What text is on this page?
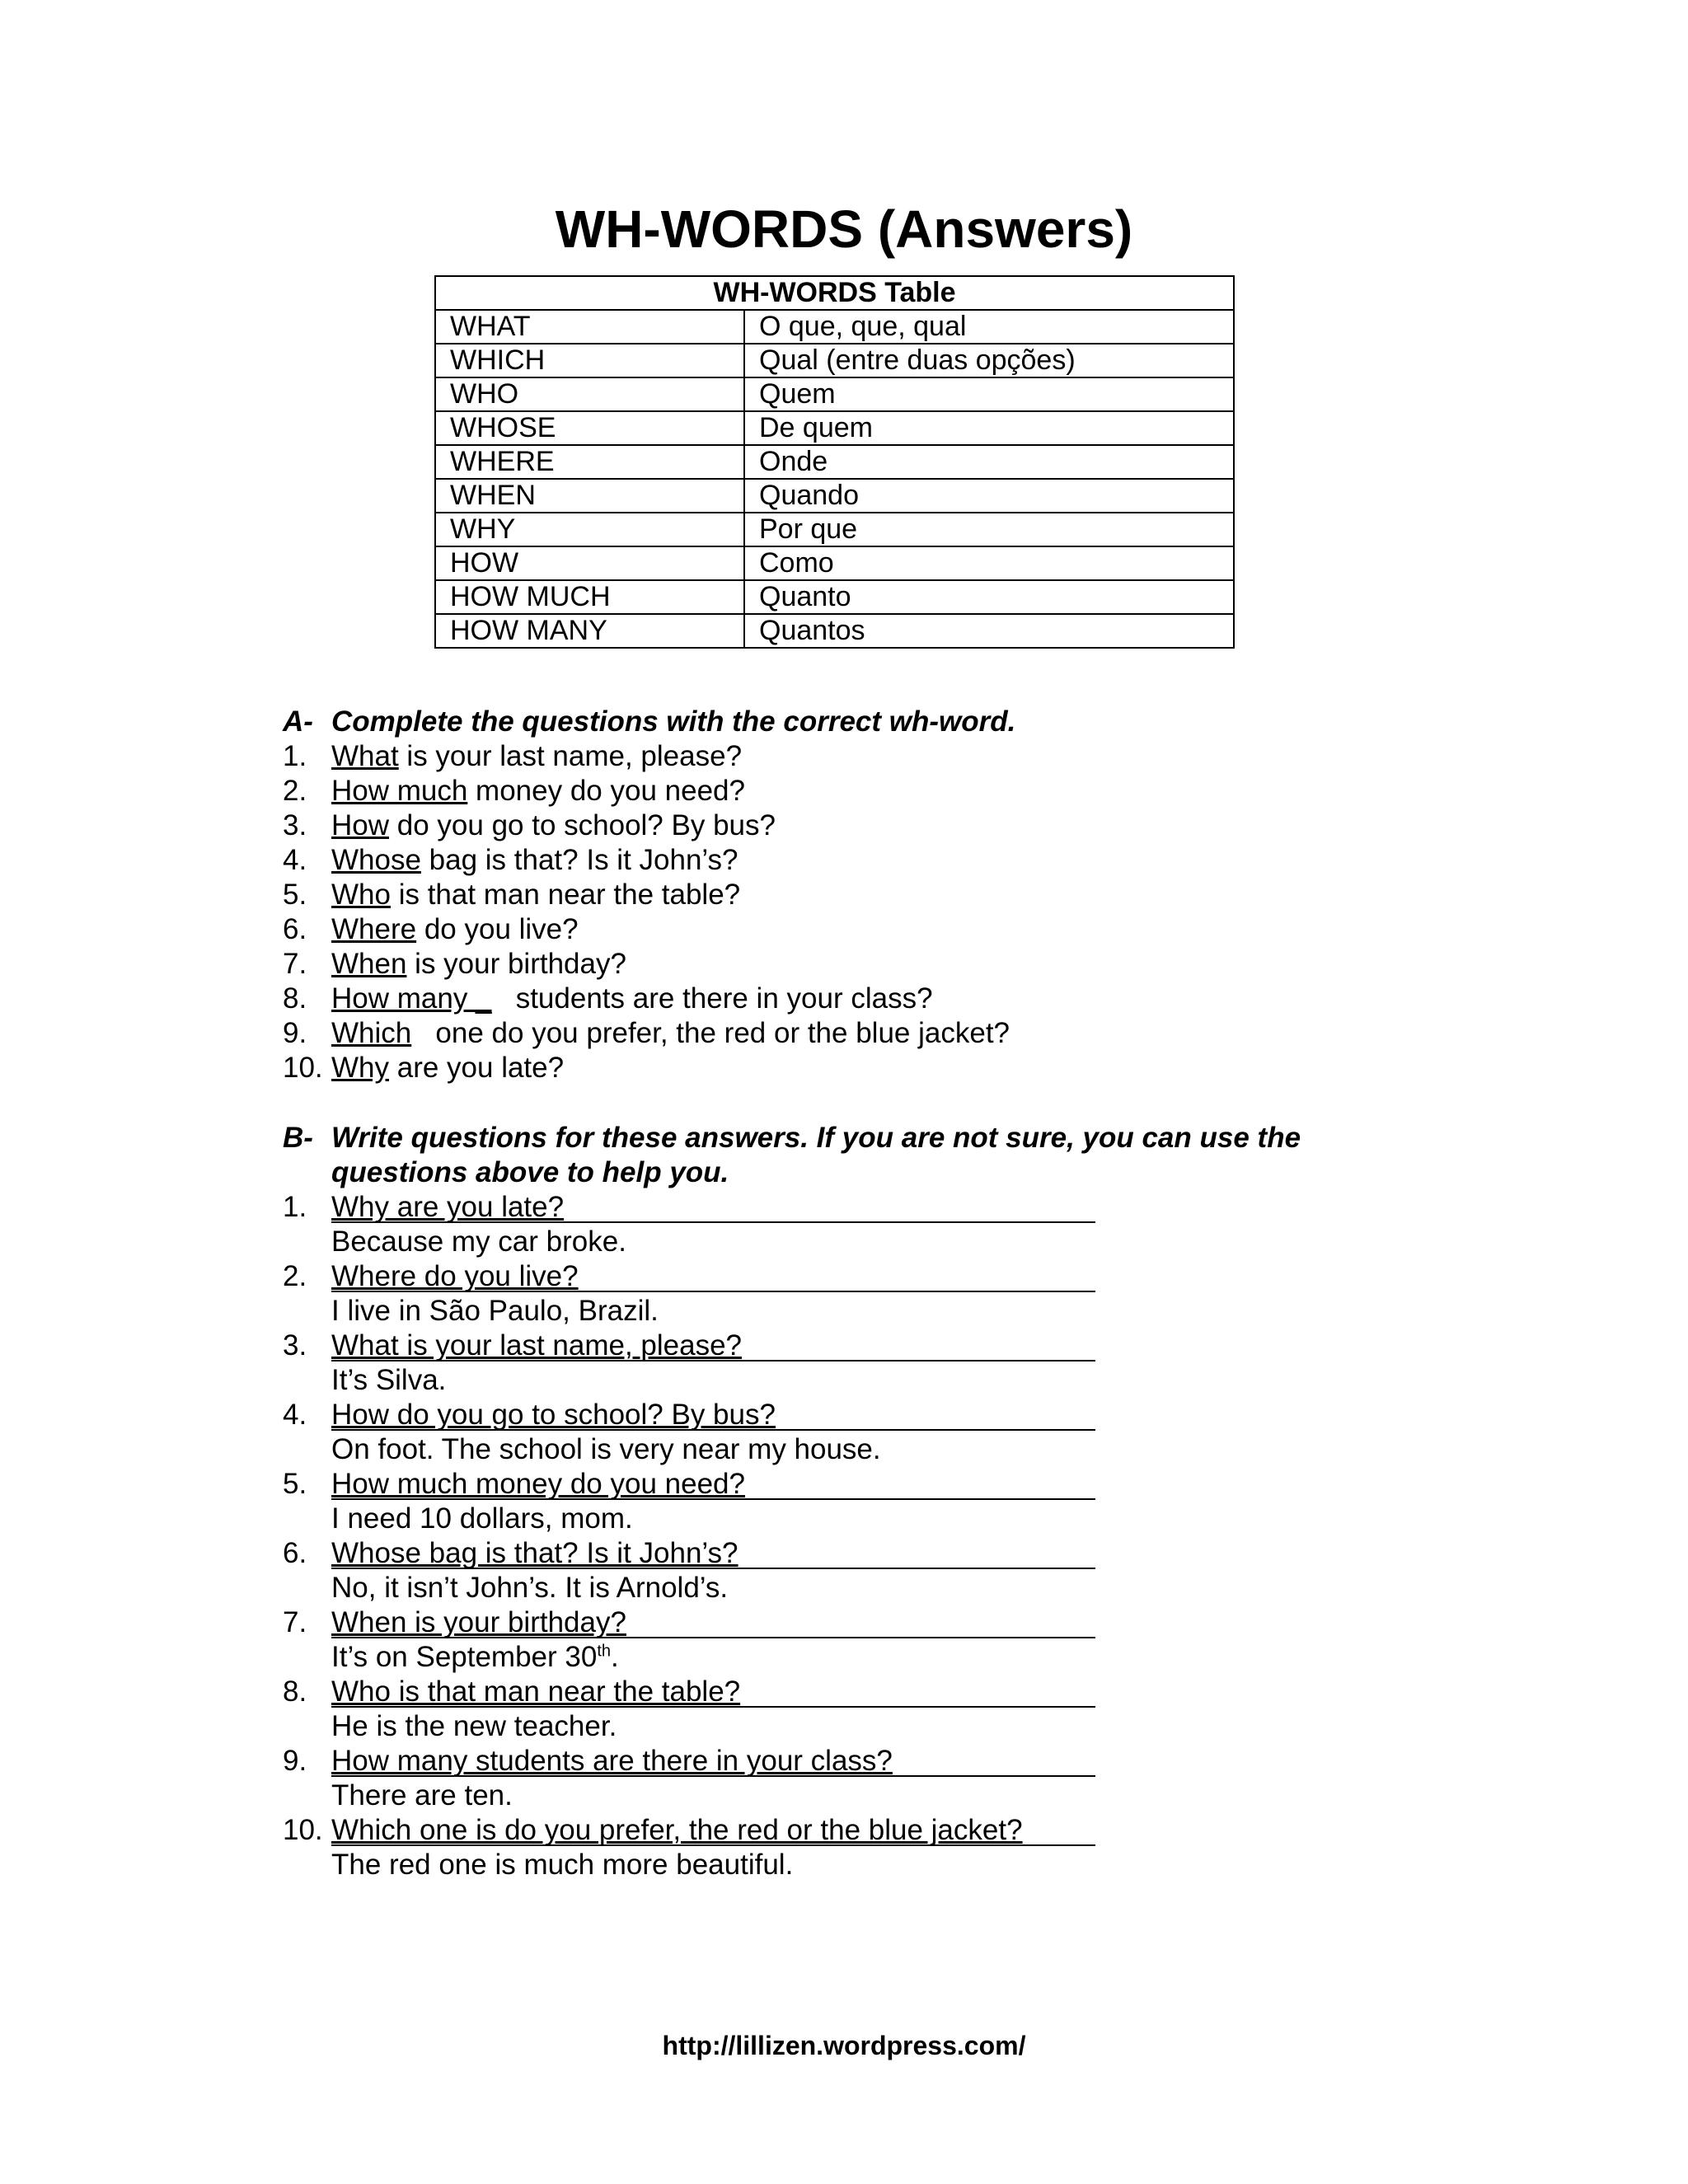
WH-WORDS (Answers)
WH-WORDS Table	
WHAT	O que, que, qual
WHICH	Qual (entre duas opções)
WHO	Quem
WHOSE	De quem
WHERE	Onde
WHEN	Quando
WHY	Por que
HOW	Como
HOW MUCH	Quanto
HOW MANY	Quantos
A- Complete the questions with the correct wh-word.
1. What is your last name, please?
2. How much money do you need?
3. How do you go to school? By bus?
4. Whose bag is that? Is it John’s?
5. Who is that man near the table?
6. Where do you live?
7. When is your birthday?
8. How many _ students are there in your class?
9. Which one do you prefer, the red or the blue jacket?
10. Why are you late?
B- Write questions for these answers. If you are not sure, you can use the
questions above to help you.
1. Why are you late?
Because my car broke.
2. Where do you live?
I live in São Paulo, Brazil.
3. What is your last name, please?
It’s Silva.
4. How do you go to school? By bus?
On foot. The school is very near my house.
5. How much money do you need?
I need 10 dollars, mom.
6. Whose bag is that? Is it John’s?
No, it isn’t John’s. It is Arnold’s.
7. When is your birthday?
It’s on September 30th.
8. Who is that man near the table?
He is the new teacher.
9. How many students are there in your class?
There are ten.
10. Which one is do you prefer, the red or the blue jacket?
The red one is much more beautiful.
http://lillizen.wordpress.com/
